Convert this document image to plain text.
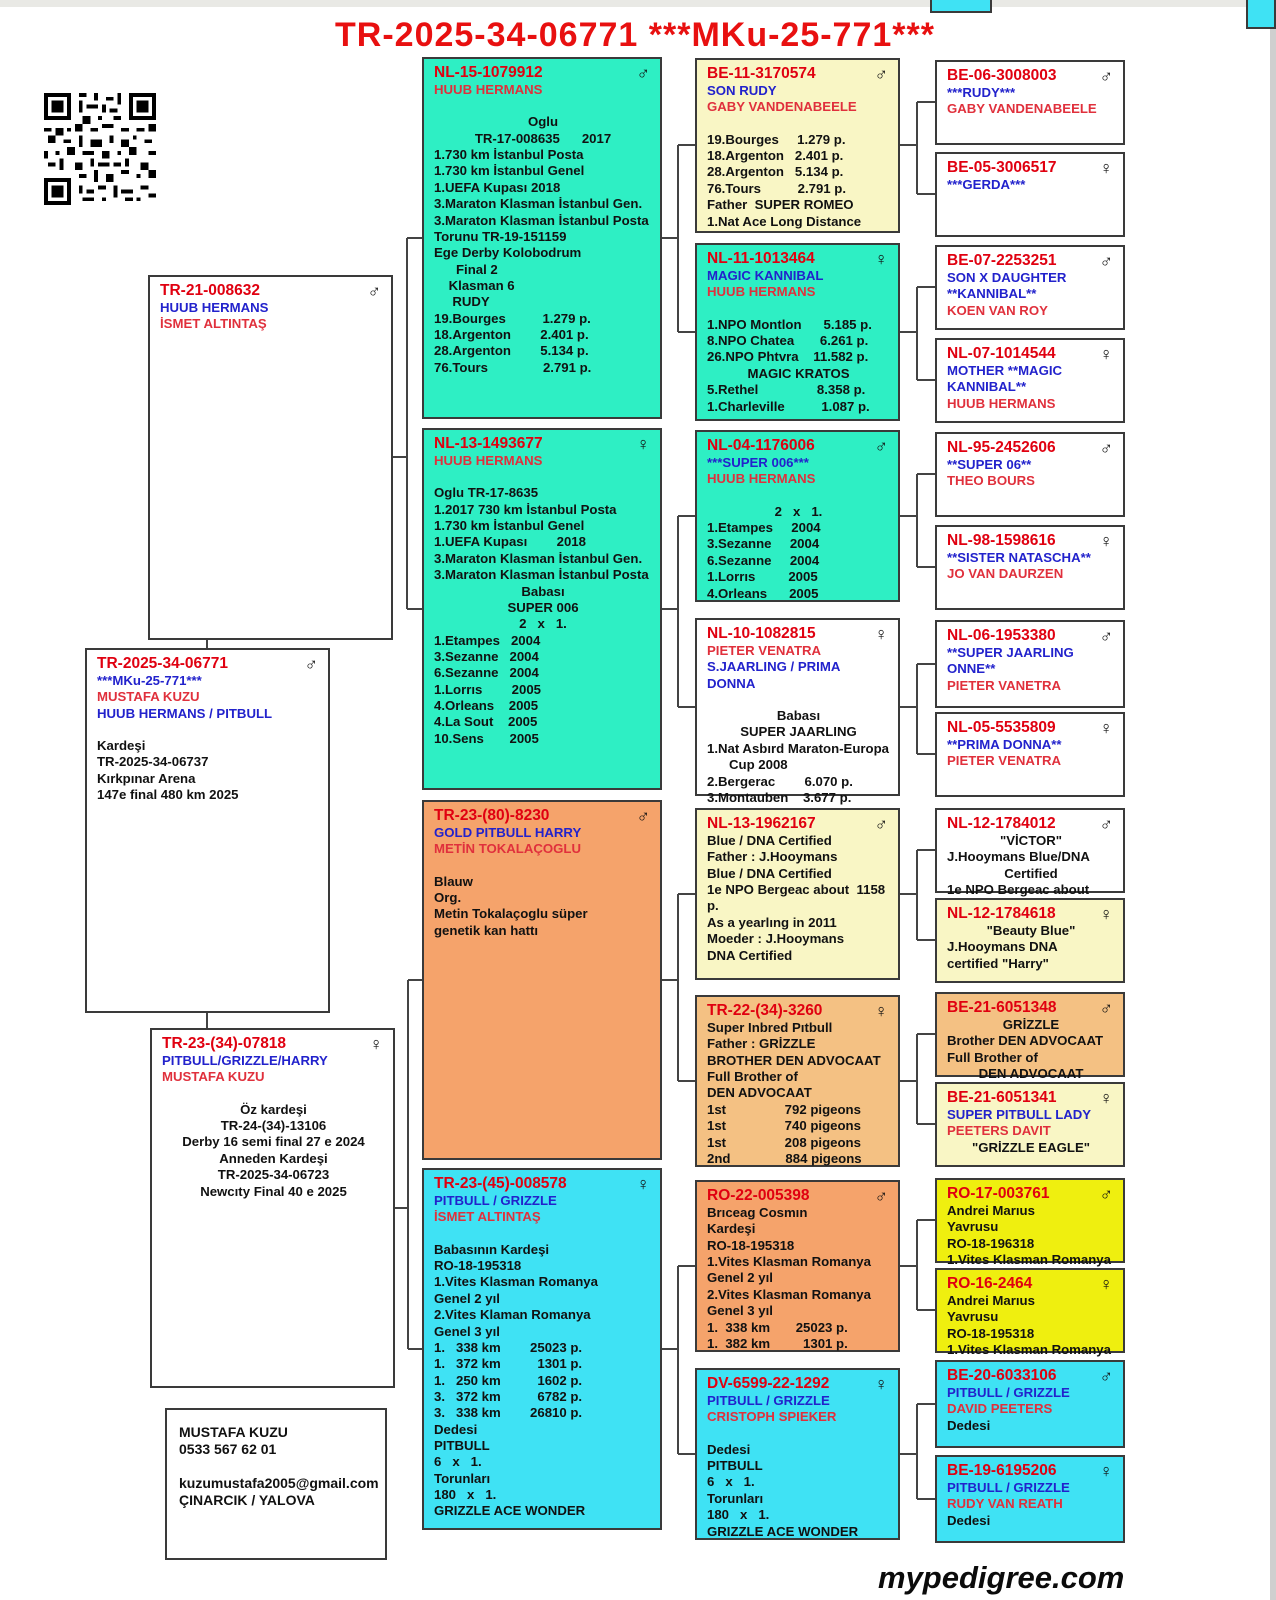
TR-2025-34-06771 ***MKu-25-771***
TR-21-008632	♂
HUUB HERMANS
İSMET ALTINTAŞ
TR-2025-34-06771	♂
***MKu-25-771***
MUSTAFA KUZU
HUUB HERMANS / PITBULL
Kardeşi
TR-2025-34-06737
Kırkpınar Arena
147e final 480 km 2025
TR-23-(34)-07818	♀
PITBULL/GRIZZLE/HARRY
MUSTAFA KUZU
Öz kardeşi
TR-24-(34)-13106
Derby 16 semi final 27 e 2024
Anneden Kardeşi
TR-2025-34-06723
Newcıty Final 40 e 2025
NL-15-1079912	♂
HUUB HERMANS
Oglu
TR-17-008635      2017
1.730 km İstanbul Posta
1.730 km İstanbul Genel
1.UEFA Kupası 2018
3.Maraton Klasman İstanbul Gen.
3.Maraton Klasman İstanbul Posta
Torunu TR-19-151159
Ege Derby Kolobodrum
Final 2
Klasman 6
RUDY
19.Bourges          1.279 p.
18.Argenton        2.401 p.
28.Argenton        5.134 p.
76.Tours               2.791 p.
NL-13-1493677	♀
HUUB HERMANS
Oglu TR-17-8635
1.2017 730 km İstanbul Posta
1.730 km İstanbul Genel
1.UEFA Kupası        2018
3.Maraton Klasman İstanbul Gen.
3.Maraton Klasman İstanbul Posta
Babası
SUPER 006
2   x   1.
1.Etampes   2004
3.Sezanne   2004
6.Sezanne   2004
1.Lorrıs        2005
4.Orleans    2005
4.La Sout    2005
10.Sens       2005
TR-23-(80)-8230	♂
GOLD PITBULL HARRY
METİN TOKALAÇOGLU
Blauw
Org.
Metin Tokalaçoglu süper
genetik kan hattı
TR-23-(45)-008578	♀
PITBULL / GRIZZLE
İSMET ALTINTAŞ
Babasının Kardeşi
RO-18-195318
1.Vites Klasman Romanya
Genel 2 yıl
2.Vites Klaman Romanya
Genel 3 yıl
1.   338 km        25023 p.
1.   372 km          1301 p.
1.   250 km          1602 p.
3.   372 km          6782 p.
3.   338 km        26810 p.
Dedesi
PITBULL
6   x   1.
Torunları
180   x   1.
GRIZZLE ACE WONDER
BE-11-3170574	♂
SON RUDY
GABY VANDENABEELE
19.Bourges     1.279 p.
18.Argenton   2.401 p.
28.Argenton   5.134 p.
76.Tours          2.791 p.
Father  SUPER ROMEO
1.Nat Ace Long Distance
NL-11-1013464	♀
MAGIC KANNIBAL
HUUB HERMANS
1.NPO Montlon      5.185 p.
8.NPO Chatea       6.261 p.
26.NPO Phtvra    11.582 p.
MAGIC KRATOS
5.Rethel                8.358 p.
1.Charleville          1.087 p.
NL-04-1176006	♂
***SUPER 006***
HUUB HERMANS
2   x   1.
1.Etampes     2004
3.Sezanne     2004
6.Sezanne     2004
1.Lorrıs         2005
4.Orleans      2005
NL-10-1082815	♀
PIETER VENATRA
S.JAARLING / PRIMA DONNA
Babası
SUPER JAARLING
1.Nat Asbırd Maraton-Europa
Cup 2008
2.Bergerac        6.070 p.
3.Montauben    3.677 p.
NL-13-1962167	♂
Blue / DNA Certified
Father : J.Hooymans
Blue / DNA Certified
1e NPO Bergeac about  1158
p.
As a yearlıng in 2011
Moeder : J.Hooymans
DNA Certified
TR-22-(34)-3260	♀
Super Inbred Pıtbull
Father : GRİZZLE
BROTHER DEN ADVOCAAT
Full Brother of
DEN ADVOCAAT
1st                792 pigeons
1st                740 pigeons
1st                208 pigeons
2nd               884 pigeons
RO-22-005398	♂
Brıceag Cosmın
Kardeşi
RO-18-195318
1.Vites Klasman Romanya
Genel 2 yıl
2.Vites Klasman Romanya
Genel 3 yıl
1.  338 km       25023 p.
1.  382 km         1301 p.
DV-6599-22-1292	♀
PITBULL / GRIZZLE
CRISTOPH SPIEKER
Dedesi
PITBULL
6   x   1.
Torunları
180   x   1.
GRIZZLE ACE WONDER
BE-06-3008003 ♂
***RUDY***
GABY VANDENABEELE
BE-05-3006517 ♀
***GERDA***
BE-07-2253251 ♂
SON X DAUGHTER
**KANNIBAL**
KOEN VAN ROY
NL-07-1014544 ♀
MOTHER **MAGIC
KANNIBAL**
HUUB HERMANS
NL-95-2452606 ♂
**SUPER 06**
THEO BOURS
NL-98-1598616 ♀
**SISTER NATASCHA**
JO VAN DAURZEN
NL-06-1953380 ♂
**SUPER JAARLING
ONNE**
PIETER VANETRA
NL-05-5535809 ♀
**PRIMA DONNA**
PIETER VENATRA
NL-12-1784012 ♂
"VİCTOR"
J.Hooymans Blue/DNA
Certified
1e NPO Bergeac about
NL-12-1784618 ♀
"Beauty Blue"
J.Hooymans DNA
certified "Harry"
BE-21-6051348 ♂
GRİZZLE
Brother DEN ADVOCAAT
Full Brother of
DEN ADVOCAAT
BE-21-6051341 ♀
SUPER PITBULL LADY
PEETERS DAVIT
"GRİZZLE EAGLE"
RO-17-003761	♂
Andrei Marıus
Yavrusu
RO-18-196318
1.Vites Klasman Romanya
RO-16-2464	♀
Andrei Marıus
Yavrusu
RO-18-195318
1.Vites Klasman Romanya
BE-20-6033106 ♂
PITBULL / GRIZZLE
DAVID PEETERS
Dedesi
BE-19-6195206 ♀
PITBULL / GRIZZLE
RUDY VAN REATH
Dedesi
MUSTAFA KUZU
0533 567 62 01
kuzumustafa2005@gmail.com
ÇINARCIK / YALOVA
mypedigree.com
